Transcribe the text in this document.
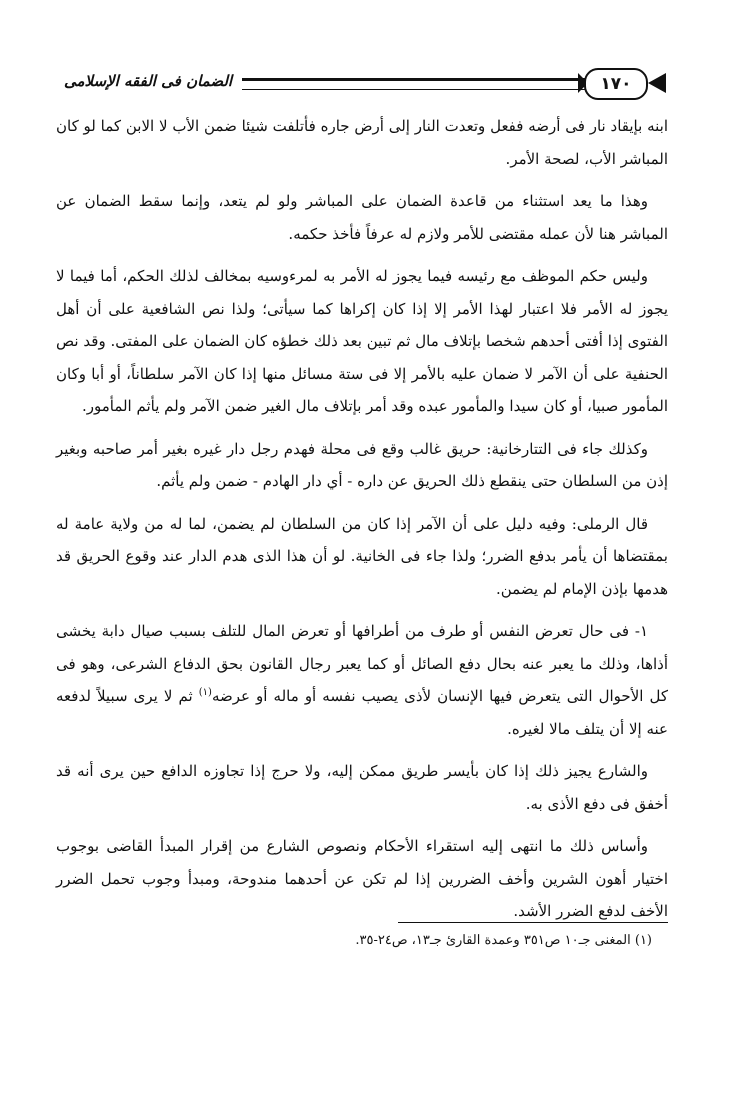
الضمان فى الفقه الإسلامى	١٧٠

ابنه بإيقاد نار فى أرضه ففعل وتعدت النار إلى أرض جاره فأتلفت شيئا ضمن الأب لا الابن كما لو كان المباشر الأب، لصحة الأمر.

وهذا ما يعد استثناء من قاعدة الضمان على المباشر ولو لم يتعد، وإنما سقط الضمان عن المباشر هنا لأن عمله مقتضى للأمر ولازم له عرفاً فأخذ حكمه.

وليس حكم الموظف مع رئيسه فيما يجوز له الأمر به لمرءوسيه بمخالف لذلك الحكم، أما فيما لا يجوز له الأمر فلا اعتبار لهذا الأمر إلا إذا كان إكراها كما سيأتى؛ ولذا نص الشافعية على أن أهل الفتوى إذا أفتى أحدهم شخصا بإتلاف مال ثم تبين بعد ذلك خطؤه كان الضمان على المفتى. وقد نص الحنفية على أن الآمر لا ضمان عليه بالأمر إلا فى ستة مسائل منها إذا كان الآمر سلطاناً، أو أبا وكان المأمور صبيا، أو كان سيدا والمأمور عبده وقد أمر بإتلاف مال الغير ضمن الآمر ولم يأثم المأمور.

وكذلك جاء فى التتارخانية: حريق غالب وقع فى محلة فهدم رجل دار غيره بغير أمر صاحبه وبغير إذن من السلطان حتى ينقطع ذلك الحريق عن داره - أي دار الهادم - ضمن ولم يأثم.

قال الرملى: وفيه دليل على أن الآمر إذا كان من السلطان لم يضمن، لما له من ولاية عامة له بمقتضاها أن يأمر بدفع الضرر؛ ولذا جاء فى الخانية. لو أن هذا الذى هدم الدار عند وقوع الحريق قد هدمها بإذن الإمام لم يضمن.

١- فى حال تعرض النفس أو طرف من أطرافها أو تعرض المال للتلف بسبب صيال دابة يخشى أذاها، وذلك ما يعبر عنه بحال دفع الصائل أو كما يعبر رجال القانون بحق الدفاع الشرعى، وهو فى كل الأحوال التى يتعرض فيها الإنسان لأذى يصيب نفسه أو ماله أو عرضه$^{(١)}$ ثم لا يرى سبيلاً لدفعه عنه إلا أن يتلف مالا لغيره.

والشارع يجيز ذلك إذا كان بأيسر طريق ممكن إليه، ولا حرج إذا تجاوزه الدافع حين يرى أنه قد أخفق فى دفع الأذى به.

وأساس ذلك ما انتهى إليه استقراء الأحكام ونصوص الشارع من إقرار المبدأ القاضى بوجوب اختيار أهون الشرين وأخف الضررين إذا لم تكن عن أحدهما مندوحة، ومبدأ وجوب تحمل الضرر الأخف لدفع الضرر الأشد.

(١) المغنى جـ١٠ ص٣٥١ وعمدة القارئ جـ١٣، ص٢٤-٣٥.
